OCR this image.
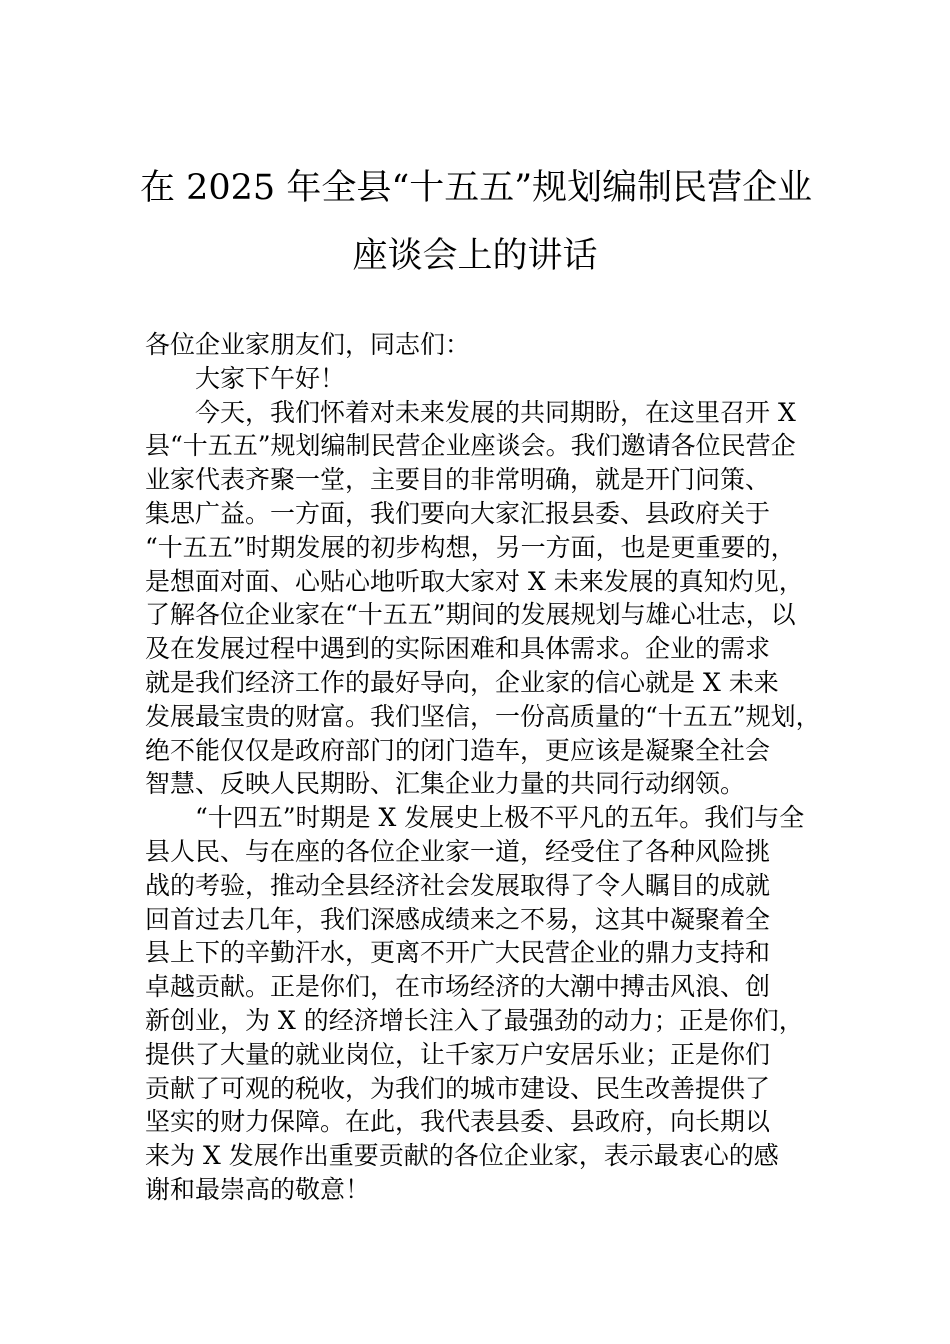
在 2025 年全县“十五五”规划编制民营企业
座谈会上的讲话
各位企业家朋友们，同志们：
大家下午好！
今天，我们怀着对未来发展的共同期盼，在这里召开 X
县“十五五”规划编制民营企业座谈会。我们邀请各位民营企
业家代表齐聚一堂，主要目的非常明确，就是开门问策、
集思广益。一方面，我们要向大家汇报县委、县政府关于
“十五五”时期发展的初步构想，另一方面，也是更重要的，
是想面对面、心贴心地听取大家对 X 未来发展的真知灼见，
了解各位企业家在“十五五”期间的发展规划与雄心壮志，以
及在发展过程中遇到的实际困难和具体需求。企业的需求
就是我们经济工作的最好导向，企业家的信心就是 X 未来
发展最宝贵的财富。我们坚信，一份高质量的“十五五”规划，
绝不能仅仅是政府部门的闭门造车，更应该是凝聚全社会
智慧、反映人民期盼、汇集企业力量的共同行动纲领。
“十四五”时期是 X 发展史上极不平凡的五年。我们与全
县人民、与在座的各位企业家一道，经受住了各种风险挑
战的考验，推动全县经济社会发展取得了令人瞩目的成就
回首过去几年，我们深感成绩来之不易，这其中凝聚着全
县上下的辛勤汗水，更离不开广大民营企业的鼎力支持和
卓越贡献。正是你们，在市场经济的大潮中搏击风浪、创
新创业，为 X 的经济增长注入了最强劲的动力；正是你们，
提供了大量的就业岗位，让千家万户安居乐业；正是你们
贡献了可观的税收，为我们的城市建设、民生改善提供了
坚实的财力保障。在此，我代表县委、县政府，向长期以
来为 X 发展作出重要贡献的各位企业家，表示最衷心的感
谢和最崇高的敬意！
